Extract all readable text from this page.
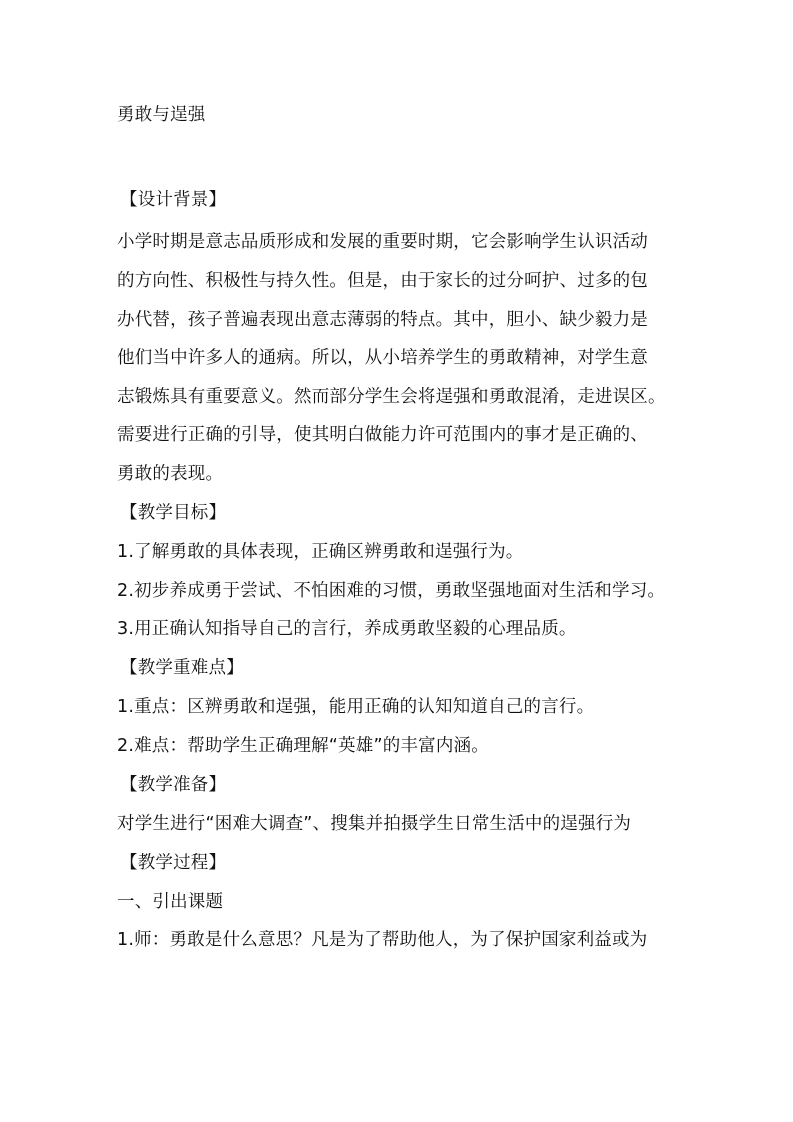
勇敢与逞强
【设计背景】
小学时期是意志品质形成和发展的重要时期，它会影响学生认识活动
的方向性、积极性与持久性。但是，由于家长的过分呵护、过多的包
办代替，孩子普遍表现出意志薄弱的特点。其中，胆小、缺少毅力是
他们当中许多人的通病。所以，从小培养学生的勇敢精神，对学生意
志锻炼具有重要意义。然而部分学生会将逞强和勇敢混淆，走进误区。
需要进行正确的引导，使其明白做能力许可范围内的事才是正确的、
勇敢的表现。
【教学目标】
1.了解勇敢的具体表现，正确区辨勇敢和逞强行为。
2.初步养成勇于尝试、不怕困难的习惯，勇敢坚强地面对生活和学习。
3.用正确认知指导自己的言行，养成勇敢坚毅的心理品质。
【教学重难点】
1.重点：区辨勇敢和逞强，能用正确的认知知道自己的言行。
2.难点：帮助学生正确理解“英雄”的丰富内涵。
【教学准备】
对学生进行“困难大调查”、搜集并拍摄学生日常生活中的逞强行为
【教学过程】
一、引出课题
1.师：勇敢是什么意思？凡是为了帮助他人，为了保护国家利益或为
